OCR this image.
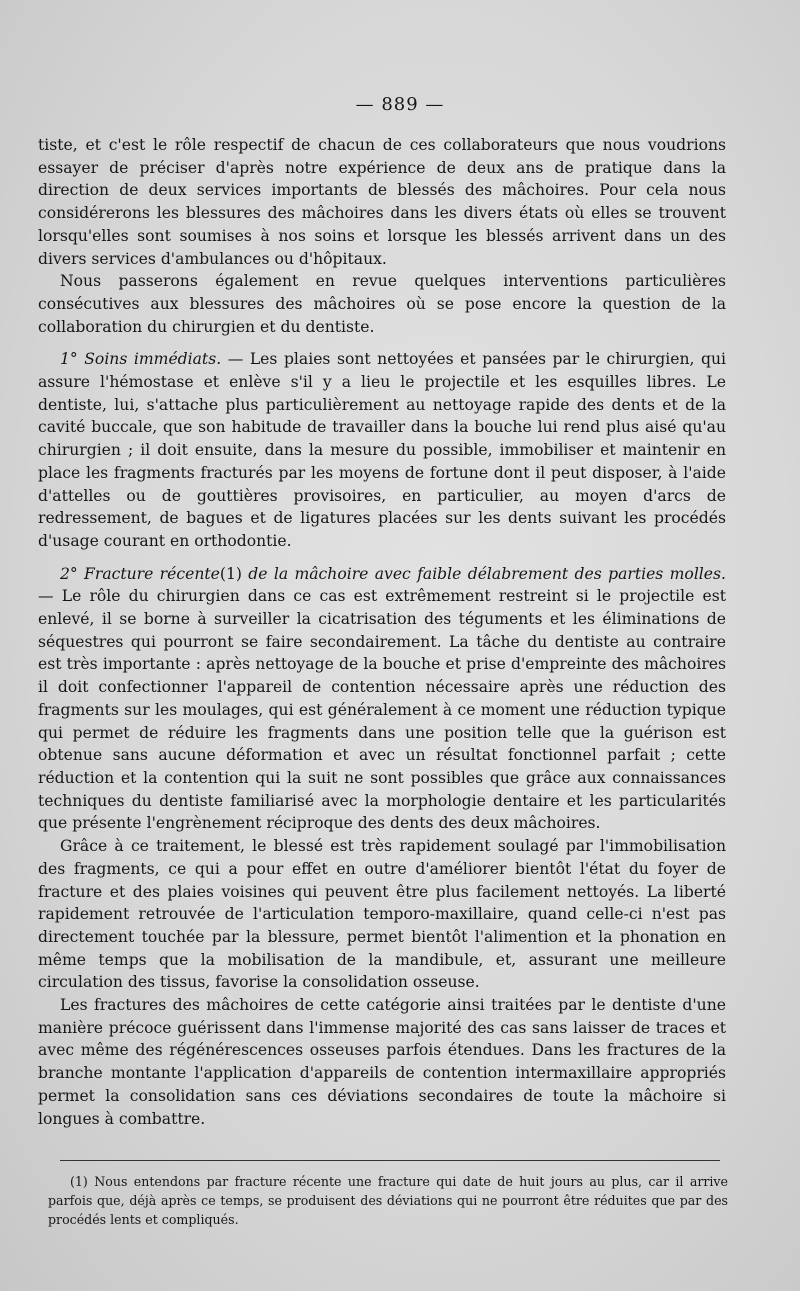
— 889 —

tiste, et c'est le rôle respectif de chacun de ces collaborateurs que nous voudrions essayer de préciser d'après notre expérience de deux ans de pratique dans la direction de deux services importants de blessés des mâchoires. Pour cela nous considérerons les blessures des mâchoires dans les divers états où elles se trouvent lorsqu'elles sont soumises à nos soins et lorsque les blessés arrivent dans un des divers services d'ambulances ou d'hôpitaux.

Nous passerons également en revue quelques interventions particulières consécutives aux blessures des mâchoires où se pose encore la question de la collaboration du chirurgien et du dentiste.

1° Soins immédiats. — Les plaies sont nettoyées et pansées par le chirurgien, qui assure l'hémostase et enlève s'il y a lieu le projectile et les esquilles libres. Le dentiste, lui, s'attache plus particulièrement au nettoyage rapide des dents et de la cavité buccale, que son habitude de travailler dans la bouche lui rend plus aisé qu'au chirurgien ; il doit ensuite, dans la mesure du possible, immobiliser et maintenir en place les fragments fracturés par les moyens de fortune dont il peut disposer, à l'aide d'attelles ou de gouttières provisoires, en particulier, au moyen d'arcs de redressement, de bagues et de ligatures placées sur les dents suivant les procédés d'usage courant en orthodontie.

2° Fracture récente(1) de la mâchoire avec faible délabrement des parties molles. — Le rôle du chirurgien dans ce cas est extrêmement restreint si le projectile est enlevé, il se borne à surveiller la cicatrisation des téguments et les éliminations de séquestres qui pourront se faire secondairement. La tâche du dentiste au contraire est très importante : après nettoyage de la bouche et prise d'empreinte des mâchoires il doit confectionner l'appareil de contention nécessaire après une réduction des fragments sur les moulages, qui est généralement à ce moment une réduction typique qui permet de réduire les fragments dans une position telle que la guérison est obtenue sans aucune déformation et avec un résultat fonctionnel parfait ; cette réduction et la contention qui la suit ne sont possibles que grâce aux connaissances techniques du dentiste familiarisé avec la morphologie dentaire et les particularités que présente l'engrènement réciproque des dents des deux mâchoires.

Grâce à ce traitement, le blessé est très rapidement soulagé par l'immobilisation des fragments, ce qui a pour effet en outre d'améliorer bientôt l'état du foyer de fracture et des plaies voisines qui peuvent être plus facilement nettoyés. La liberté rapidement retrouvée de l'articulation temporo-maxillaire, quand celle-ci n'est pas directement touchée par la blessure, permet bientôt l'alimention et la phonation en même temps que la mobilisation de la mandibule, et, assurant une meilleure circulation des tissus, favorise la consolidation osseuse.

Les fractures des mâchoires de cette catégorie ainsi traitées par le dentiste d'une manière précoce guérissent dans l'immense majorité des cas sans laisser de traces et avec même des régénérescences osseuses parfois étendues. Dans les fractures de la branche montante l'application d'appareils de contention intermaxillaire appropriés permet la consolidation sans ces déviations secondaires de toute la mâchoire si longues à combattre.

(1) Nous entendons par fracture récente une fracture qui date de huit jours au plus, car il arrive parfois que, déjà après ce temps, se produisent des déviations qui ne pourront être réduites que par des procédés lents et compliqués.
